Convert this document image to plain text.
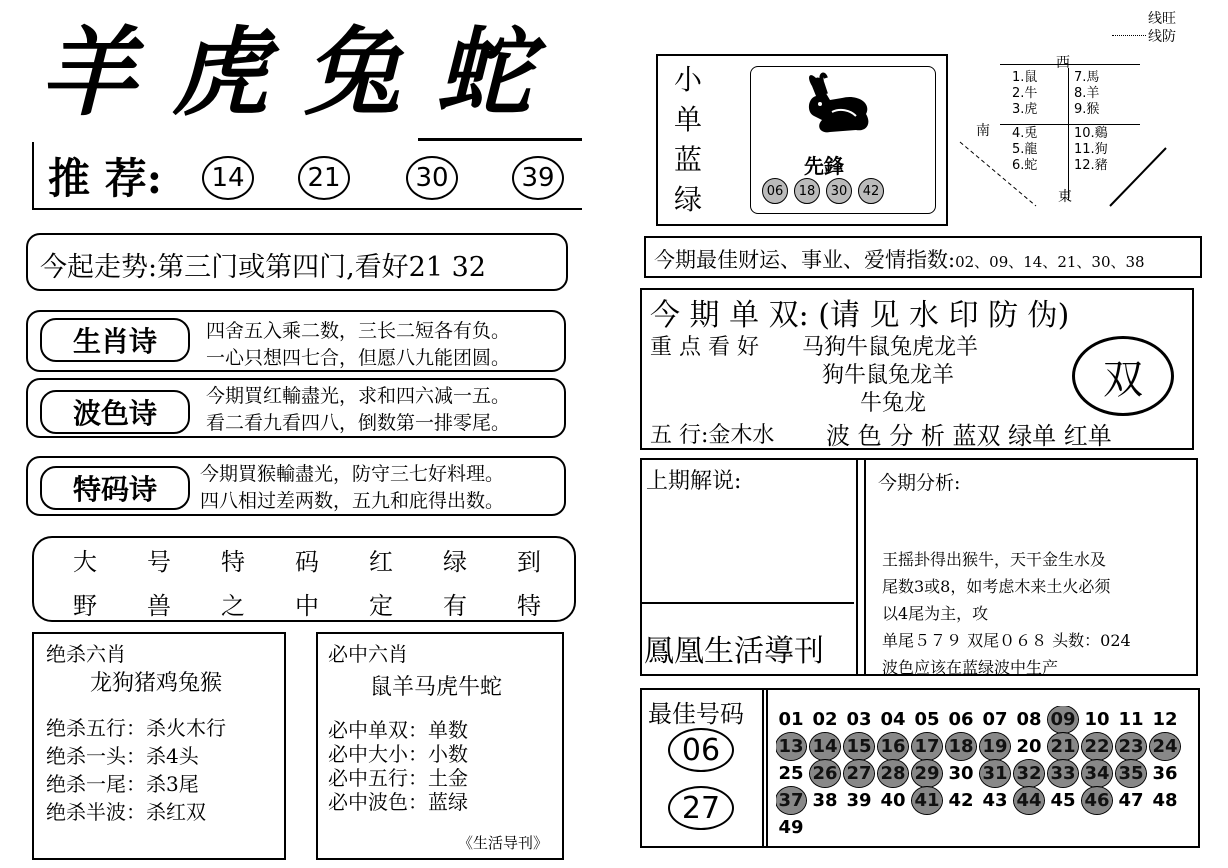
羊虎兔蛇
推 荐:	14	21	30	39
今起走势:第三门或第四门,看好21 32
生肖诗	四舍五入乘二数，三长二短各有负。
一心只想四七合，但愿八九能团圆。
波色诗
今期買红輸盡光，求和四六减一五。
看二看九看四八，倒数第一排零尾。
特码诗	今期買猴輸盡光，防守三七好料理。
四八相过差两数，五九和庇得出数。
大	号	特	码	红	绿	到
野	兽	之	中	定	有	特
绝杀六肖
龙狗猪鸡兔猴
绝杀五行：杀火木行
绝杀一头：杀4头
绝杀一尾：杀3尾
绝杀半波：杀红双
必中六肖
鼠羊马虎牛蛇
必中单双：单数
必中大小：小数
必中五行：土金
必中波色：蓝绿
《生活导刊》
线旺
线防
小
单
蓝
绿
先鋒
06 18 30 42
西
南
東
1.鼠
2.牛
3.虎
4.兎
5.龍
6.蛇
7.馬
8.羊
9.猴
10.鷄
11.狗
12.豬
今期最佳财运、事业、爱情指数:02、09、14、21、30、38
今 期 单 双: (请 见 水 印 防 伪)
重 点 看 好 马狗牛鼠兔虎龙羊
狗牛鼠兔龙羊
牛兔龙
双
五 行:金木水 波 色 分 析 蓝双 绿单 红单
上期解说:
鳳凰生活導刊
今期分析:
王摇卦得出猴牛，天干金生水及
尾数3或8，如考虑木来土火必须
以4尾为主，攻
单尾５７９ 双尾０６８ 头数：024
波色应该在蓝绿波中生产
最佳号码
06
27
01 02 03 04 05 06 07 08 09 10 11 12
13 14 15 16 17 18 19 20 21 22 23 24
25 26 27 28 29 30 31 32 33 34 35 36
37 38 39 40 41 42 43 44 45 46 47 48
49
